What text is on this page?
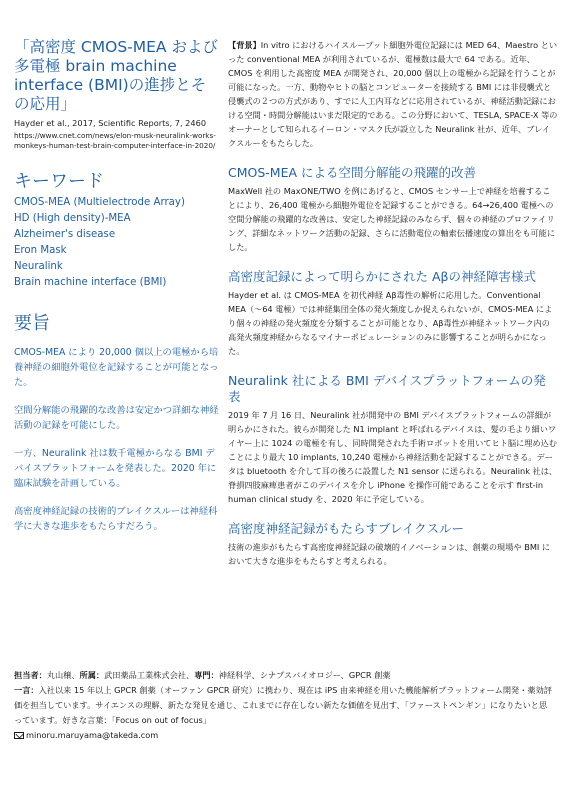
「高密度 CMOS-MEA および多電極 brain machine interface (BMI)の進捗とその応用」
Hayder et al., 2017, Scientific Reports, 7, 2460
https://www.cnet.com/news/elon-musk-neuralink-works-monkeys-human-test-brain-computer-interface-in-2020/
キーワード
CMOS-MEA (Multielectrode Array)
HD (High density)-MEA
Alzheimer's disease
Eron Mask
Neuralink
Brain machine interface (BMI)
要旨
CMOS-MEA により 20,000 個以上の電極から培養神経の細胞外電位を記録することが可能となった。
空間分解能の飛躍的な改善は安定かつ詳細な神経活動の記録を可能にした。
一方、Neuralink 社は数千電極からなる BMI デバイスプラットフォームを発表した。2020 年に臨床試験を計画している。
高密度神経記録の技術的ブレイクスルーは神経科学に大きな進歩をもたらすだろう。
【背景】In vitro におけるハイスループット細胞外電位記録には MED 64、Maestro といった conventional MEA が利用されているが、電極数は最大で 64 である。近年、CMOS を利用した高密度 MEA が開発され、20,000 個以上の電極から記録を行うことが可能になった。一方、動物やヒトの脳とコンピューターを接続する BMI には非侵襲式と侵襲式の２つの方式があり、すでに人工内耳などに応用されているが、神経活動記録における空間・時間分解能はいまだ限定的である。この分野において、TESLA, SPACE-X 等のオーナーとして知られるイーロン・マスク氏が設立した Neuralink 社が、近年、ブレイクスルーをもたらした。
CMOS-MEA による空間分解能の飛躍的改善
MaxWell 社の MaxONE/TWO を例にあげると、CMOS センサー上で神経を培養することにより、26,400 電極から細胞外電位を記録することができる。64→26,400 電極への空間分解能の飛躍的な改善は、安定した神経記録のみならず、個々の神経のプロファイリング、詳細なネットワーク活動の記録、さらに活動電位の軸索伝播速度の算出をも可能にした。
高密度記録によって明らかにされた Aβの神経障害様式
Hayder et al. は CMOS-MEA を初代神経 Aβ毒性の解析に応用した。Conventional MEA（～64 電極）では神経集団全体の発火頻度しか捉えられないが、CMOS-MEA により個々の神経の発火頻度を分類することが可能となり、Aβ毒性が神経ネットワーク内の高発火頻度神経からなるマイナーポピュレーションのみに影響することが明らかになった。
Neuralink 社による BMI デバイスプラットフォームの発表
2019 年 7 月 16 日、Neuralink 社が開発中の BMI デバイスプラットフォームの詳細が明らかにされた。彼らが開発した N1 implant と呼ばれるデバイスは、髪の毛より細いワイヤー上に 1024 の電極を有し、同時開発された手術ロボットを用いてヒト脳に埋め込むことにより最大 10 implants, 10,240 電極から神経活動を記録することができる。データは bluetooth を介して耳の後ろに設置した N1 sensor に送られる。Neuralink 社は、脊損四肢麻痺患者がこのデバイスを介し iPhone を操作可能であることを示す first-in human clinical study を、2020 年に予定している。
高密度神経記録がもたらすブレイクスルー
技術の進歩がもたらす高密度神経記録の破壊的イノベーションは、創薬の現場や BMI において大きな進歩をもたらすと考えられる。
担当者：丸山穣、所属：武田薬品工業株式会社、専門：神経科学、シナプスバイオロジー、GPCR 創薬
一言：入社以来 15 年以上 GPCR 創薬（オーファン GPCR 研究）に携わり、現在は iPS 由来神経を用いた機能解析プラットフォーム開発・薬効評価を担当しています。サイエンスの理解、新たな発見を通じ、これまでに存在しない新たな価値を見出す、「ファーストペンギン」になりたいと思っています。好きな言葉：「Focus on out of focus」
minoru.maruyama@takeda.com
